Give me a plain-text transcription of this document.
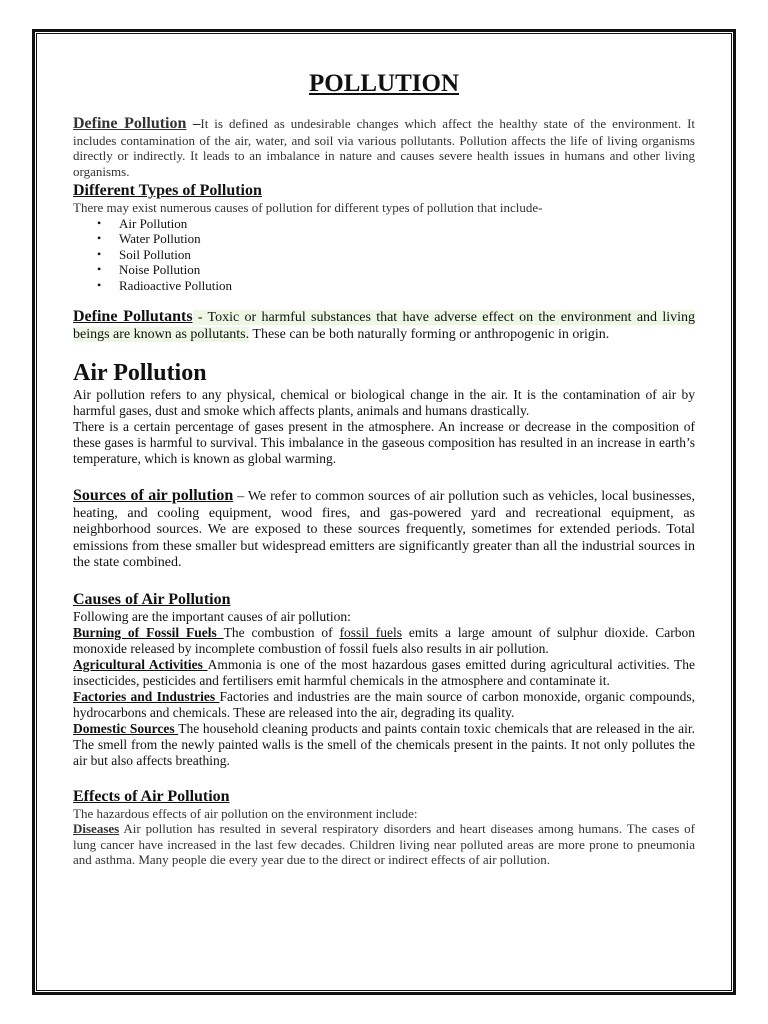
POLLUTION

Define Pollution –It is defined as undesirable changes which affect the healthy state of the environment. It includes contamination of the air, water, and soil via various pollutants. Pollution affects the life of living organisms directly or indirectly. It leads to an imbalance in nature and causes severe health issues in humans and other living organisms.

Different Types of Pollution

There may exist numerous causes of pollution for different types of pollution that include-

• Air Pollution
• Water Pollution
• Soil Pollution
• Noise Pollution
• Radioactive Pollution

Define Pollutants - Toxic or harmful substances that have adverse effect on the environment and living beings are known as pollutants. These can be both naturally forming or anthropogenic in origin.

Air Pollution

Air pollution refers to any physical, chemical or biological change in the air. It is the contamination of air by harmful gases, dust and smoke which affects plants, animals and humans drastically.

There is a certain percentage of gases present in the atmosphere. An increase or decrease in the composition of these gases is harmful to survival. This imbalance in the gaseous composition has resulted in an increase in earth’s temperature, which is known as global warming.

Sources of air pollution – We refer to common sources of air pollution such as vehicles, local businesses, heating, and cooling equipment, wood fires, and gas-powered yard and recreational equipment, as neighborhood sources. We are exposed to these sources frequently, sometimes for extended periods. Total emissions from these smaller but widespread emitters are significantly greater than all the industrial sources in the state combined.

Causes of Air Pollution

Following are the important causes of air pollution:

Burning of Fossil Fuels The combustion of fossil fuels emits a large amount of sulphur dioxide. Carbon monoxide released by incomplete combustion of fossil fuels also results in air pollution.

Agricultural Activities Ammonia is one of the most hazardous gases emitted during agricultural activities. The insecticides, pesticides and fertilisers emit harmful chemicals in the atmosphere and contaminate it.

Factories and Industries Factories and industries are the main source of carbon monoxide, organic compounds, hydrocarbons and chemicals. These are released into the air, degrading its quality.

Domestic Sources The household cleaning products and paints contain toxic chemicals that are released in the air. The smell from the newly painted walls is the smell of the chemicals present in the paints. It not only pollutes the air but also affects breathing.

Effects of Air Pollution

The hazardous effects of air pollution on the environment include:

Diseases Air pollution has resulted in several respiratory disorders and heart diseases among humans. The cases of lung cancer have increased in the last few decades. Children living near polluted areas are more prone to pneumonia and asthma. Many people die every year due to the direct or indirect effects of air pollution.
